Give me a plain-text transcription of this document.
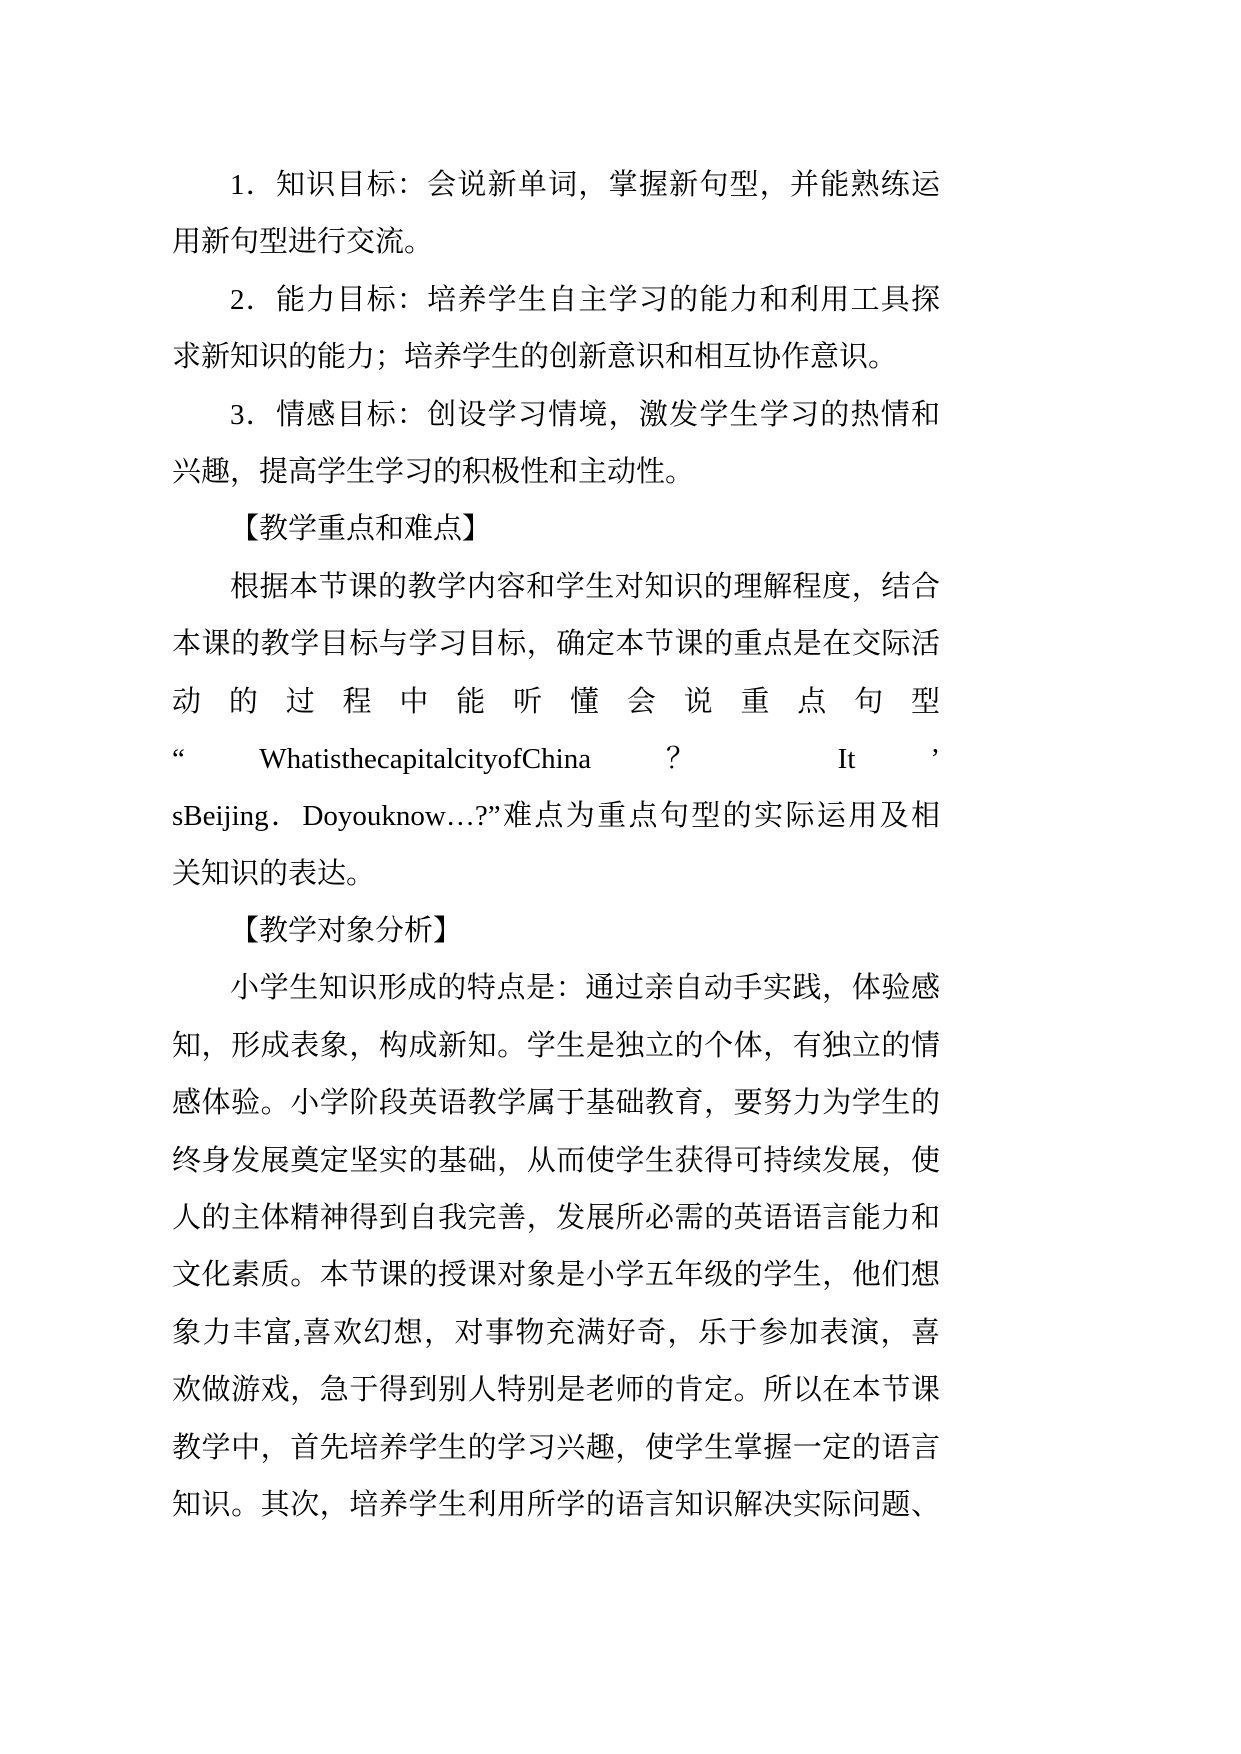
1．知识目标：会说新单词，掌握新句型，并能熟练运
用新句型进行交流。
2．能力目标：培养学生自主学习的能力和利用工具探
求新知识的能力；培养学生的创新意识和相互协作意识。
3．情感目标：创设学习情境，激发学生学习的热情和
兴趣，提高学生学习的积极性和主动性。
【教学重点和难点】
根据本节课的教学内容和学生对知识的理解程度，结合
本课的教学目标与学习目标，确定本节课的重点是在交际活
动的过程中能听懂会说重点句型
“ WhatisthecapitalcityofChina ？ It ’
sBeijing．Doyouknow…?”难点为重点句型的实际运用及相
关知识的表达。
【教学对象分析】
小学生知识形成的特点是：通过亲自动手实践，体验感
知，形成表象，构成新知。学生是独立的个体，有独立的情
感体验。小学阶段英语教学属于基础教育，要努力为学生的
终身发展奠定坚实的基础，从而使学生获得可持续发展，使
人的主体精神得到自我完善，发展所必需的英语语言能力和
文化素质。本节课的授课对象是小学五年级的学生，他们想
象力丰富,喜欢幻想，对事物充满好奇，乐于参加表演，喜
欢做游戏，急于得到别人特别是老师的肯定。所以在本节课
教学中，首先培养学生的学习兴趣，使学生掌握一定的语言
知识。其次，培养学生利用所学的语言知识解决实际问题、
